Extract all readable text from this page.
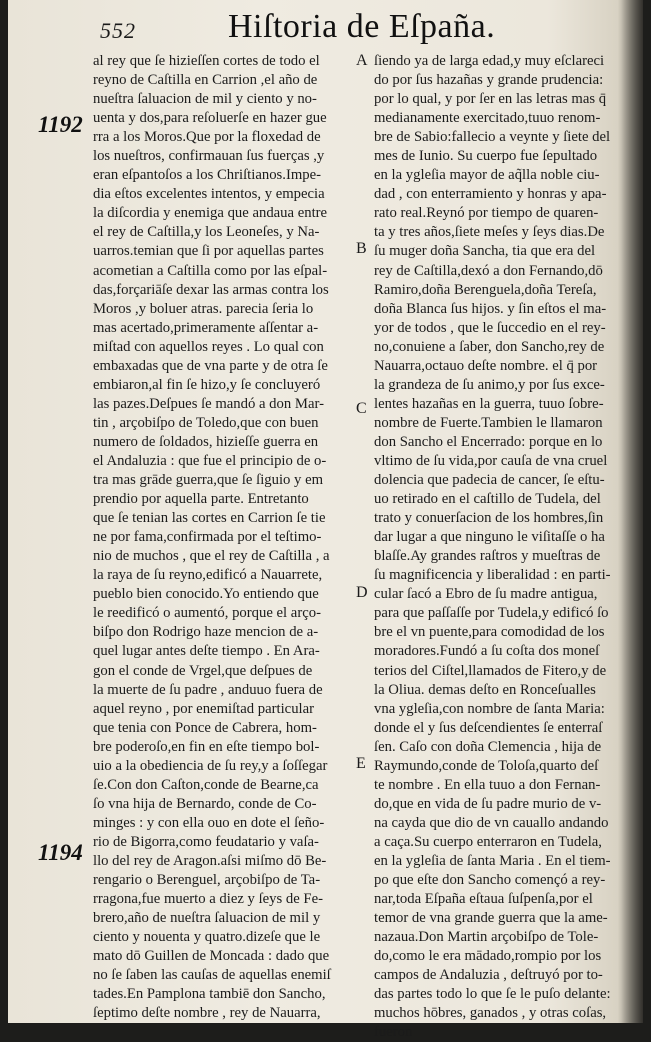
552	Hiſtoria de Eſpaña.
1192
1194
A
B
C
D
E
al rey que ſe hizieſſen cortes de todo el
reyno de Caſtilla en Carrion ,el año de
nueſtra ſaluacion de mil y ciento y no-
uenta y dos,para reſoluerſe en hazer gue
rra a los Moros.Que por la floxedad de
los nueſtros, confirmauan ſus fuerças ,y
eran eſpantoſos a los Chriſtianos.Impe-
dia eſtos excelentes intentos, y empecia
la diſcordia y enemiga que andaua entre
el rey de Caſtilla,y los Leoneſes, y Na-
uarros.temian que ſi por aquellas partes
acometian a Caſtilla como por las eſpal-
das,forçariāſe dexar las armas contra los
Moros ,y boluer atras. parecia ſeria lo
mas acertado,primeramente aſſentar a-
miſtad con aquellos reyes . Lo qual con
embaxadas que de vna parte y de otra ſe
embiaron,al fin ſe hizo,y ſe concluyeró
las pazes.Deſpues ſe mandó a don Mar-
tin , arçobiſpo de Toledo,que con buen
numero de ſoldados, hizieſſe guerra en
el Andaluzia : que fue el principio de o-
tra mas grāde guerra,que ſe ſiguio y em
prendio por aquella parte. Entretanto
que ſe tenian las cortes en Carrion ſe tie
ne por fama,confirmada por el teſtimo-
nio de muchos , que el rey de Caſtilla , a
la raya de ſu reyno,edificó a Nauarrete,
pueblo bien conocido.Yo entiendo que
le reedificó o aumentó, porque el arço-
biſpo don Rodrigo haze mencion de a-
quel lugar antes deſte tiempo . En Ara-
gon el conde de Vrgel,que deſpues de
la muerte de ſu padre , anduuo fuera de
aquel reyno , por enemiſtad particular
que tenia con Ponce de Cabrera, hom-
bre poderoſo,en fin en eſte tiempo bol-
uio a la obediencia de ſu rey,y a ſoſſegar
ſe.Con don Caſton,conde de Bearne,ca
ſo vna hija de Bernardo, conde de Co-
minges : y con ella ouo en dote el ſeño-
rio de Bigorra,como feudatario y vaſa-
llo del rey de Aragon.aſsi miſmo dō Be-
rengario o Berenguel, arçobiſpo de Ta-
rragona,fue muerto a diez y ſeys de Fe-
brero,año de nueſtra ſaluacion de mil y
ciento y nouenta y quatro.dizeſe que le
mato dō Guillen de Moncada : dado que
no ſe ſaben las cauſas de aquellas enemiſ
tades.En Pamplona tambiē don Sancho,
ſeptimo deſte nombre , rey de Nauarra,
ſiendo ya de larga edad,y muy eſclareci
do por ſus hazañas y grande prudencia:
por lo qual, y por ſer en las letras mas q̄
medianamente exercitado,tuuo renom-
bre de Sabio:fallecio a veynte y ſiete del
mes de Iunio. Su cuerpo fue ſepultado
en la ygleſia mayor de aq̃lla noble ciu-
dad , con enterramiento y honras y apa-
rato real.Reynó por tiempo de quaren-
ta y tres años,ſiete meſes y ſeys dias.De
ſu muger doña Sancha, tia que era del
rey de Caſtilla,dexó a don Fernando,dō
Ramiro,doña Berenguela,doña Tereſa,
doña Blanca ſus hijos. y ſin eſtos el ma-
yor de todos , que le ſuccedio en el rey-
no,conuiene a ſaber, don Sancho,rey de
Nauarra,octauo deſte nombre. el q̄ por
la grandeza de ſu animo,y por ſus excе-
lentes hazañas en la guerra, tuuo ſobre-
nombre de Fuerte.Tambien le llamaron
don Sancho el Encerrado: porque en lo
vltimo de ſu vida,por cauſa de vna cruel
dolencia que padecia de cancer, ſe eſtu-
uo retirado en el caſtillo de Tudela, del
trato y conuerſacion de los hombres,ſin
dar lugar a que ninguno le viſitaſſe o ha
blaſſe.Ay grandes raſtros y mueſtras de
ſu magnificencia y liberalidad : en parti-
cular ſacó a Ebro de ſu madre antigua,
para que paſſaſſe por Tudela,y edificó ſo
bre el vn puente,para comodidad de los
moradores.Fundó a ſu coſta dos moneſ
terios del Ciſtel,llamados de Fitero,y de
la Oliua. demas deſto en Ronceſualles
vna ygleſia,con nombre de ſanta Maria:
donde el y ſus deſcendientes ſe enterraſ
ſen. Caſo con doña Clemencia , hija de
Raymundo,conde de Toloſa,quarto deſ
te nombre . En ella tuuo a don Fernan-
do,que en vida de ſu padre murio de v-
na cayda que dio de vn cauallo andando
a caça.Su cuerpo enterraron en Tudela,
en la ygleſia de ſanta Maria . En el tiem-
po que eſte don Sancho començó a rey-
nar,toda Eſpaña eſtaua ſuſpenſa,por el
temor de vna grande guerra que la ame-
nazaua.Don Martin arçobiſpo de Tole-
do,como le era mādado,rompio por los
campos de Andaluzia , deſtruyó por to-
das partes todo lo que ſe le puſo delante:
muchos hōbres, ganados , y otras coſas,
fueron
